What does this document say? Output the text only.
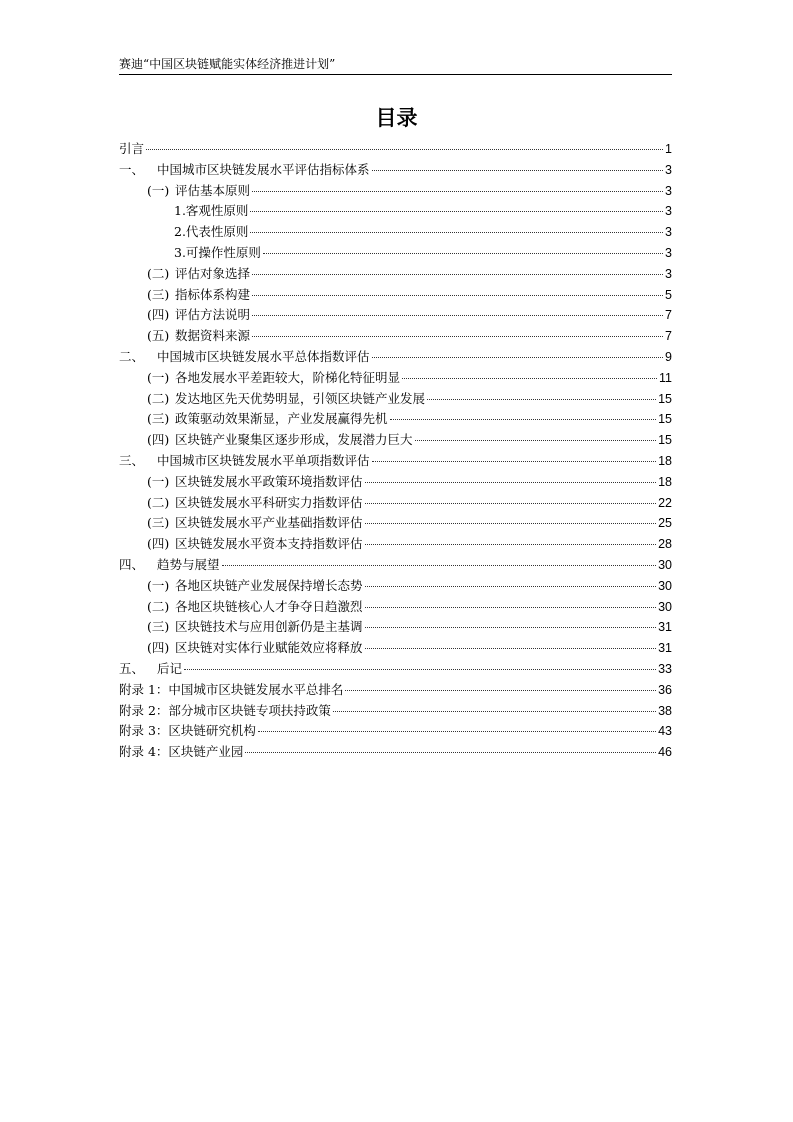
赛迪“中国区块链赋能实体经济推进计划”
目录
引言	1
一、	中国城市区块链发展水平评估指标体系	3
(一) 评估基本原则	3
1.客观性原则	3
2.代表性原则	3
3.可操作性原则	3
(二) 评估对象选择	3
(三) 指标体系构建	5
(四) 评估方法说明	7
(五) 数据资料来源	7
二、	中国城市区块链发展水平总体指数评估	9
(一) 各地发展水平差距较大，阶梯化特征明显	11
(二) 发达地区先天优势明显，引领区块链产业发展	15
(三) 政策驱动效果渐显，产业发展赢得先机	15
(四) 区块链产业聚集区逐步形成，发展潜力巨大	15
三、	中国城市区块链发展水平单项指数评估	18
(一) 区块链发展水平政策环境指数评估	18
(二) 区块链发展水平科研实力指数评估	22
(三) 区块链发展水平产业基础指数评估	25
(四) 区块链发展水平资本支持指数评估	28
四、	趋势与展望	30
(一) 各地区块链产业发展保持增长态势	30
(二) 各地区块链核心人才争夺日趋激烈	30
(三) 区块链技术与应用创新仍是主基调	31
(四) 区块链对实体行业赋能效应将释放	31
五、	后记	33
附录 1：中国城市区块链发展水平总排名	36
附录 2：部分城市区块链专项扶持政策	38
附录 3：区块链研究机构	43
附录 4：区块链产业园	46
